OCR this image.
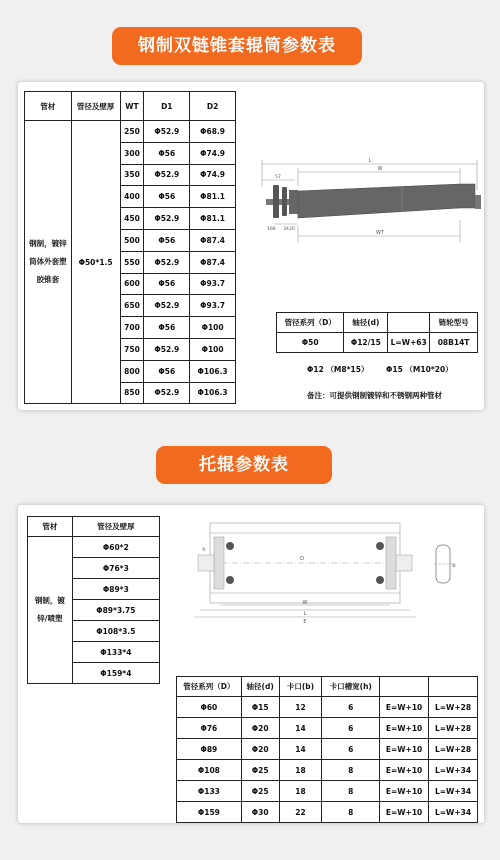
钢制双链锥套辊筒参数表
管材	管径及壁厚	WT	D1	D2
钢制，镀锌筒体外套塑胶锥套	Φ50*1.5	250	Φ52.9	Φ68.9
		300	Φ56	Φ74.9
		350	Φ52.9	Φ74.9
		400	Φ56	Φ81.1
		450	Φ52.9	Φ81.1
		500	Φ56	Φ87.4
		550	Φ52.9	Φ87.4
		600	Φ56	Φ93.7
		650	Φ52.9	Φ93.7
		700	Φ56	Φ100
		750	Φ52.9	Φ100
		800	Φ56	Φ106.3
		850	Φ52.9	Φ106.3
L
W
57
WT
34
9	20
16
管径系列（D）	轴径(d)		链轮型号
Φ50	Φ12/15	L=W+63	08B14T
Φ12 （M8*15） Φ15 （M10*20）
备注：可提供钢制镀锌和不锈钢两种管材
托辊参数表
管材	管径及壁厚
钢制，镀锌/喷塑	Φ60*2
	Φ76*3
	Φ89*3
	Φ89*3.75
	Φ108*3.5
	Φ133*4
	Φ159*4
W
L
D
E
h
b
管径系列（D）	轴径(d)	卡口(b)	卡口槽宽(h)		
Φ60	Φ15	12	6	E=W+10	L=W+28
Φ76	Φ20	14	6	E=W+10	L=W+28
Φ89	Φ20	14	6	E=W+10	L=W+28
Φ108	Φ25	18	8	E=W+10	L=W+34
Φ133	Φ25	18	8	E=W+10	L=W+34
Φ159	Φ30	22	8	E=W+10	L=W+34
